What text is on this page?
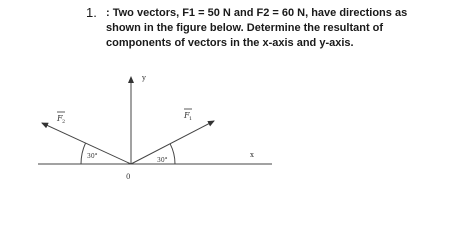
1. : Two vectors, F1 = 50 N and F2 = 60 N, have directions as
shown in the figure below. Determine the resultant of
components of vectors in the x-axis and y-axis.
y
x
0
F 2
F 1
30°
30°
